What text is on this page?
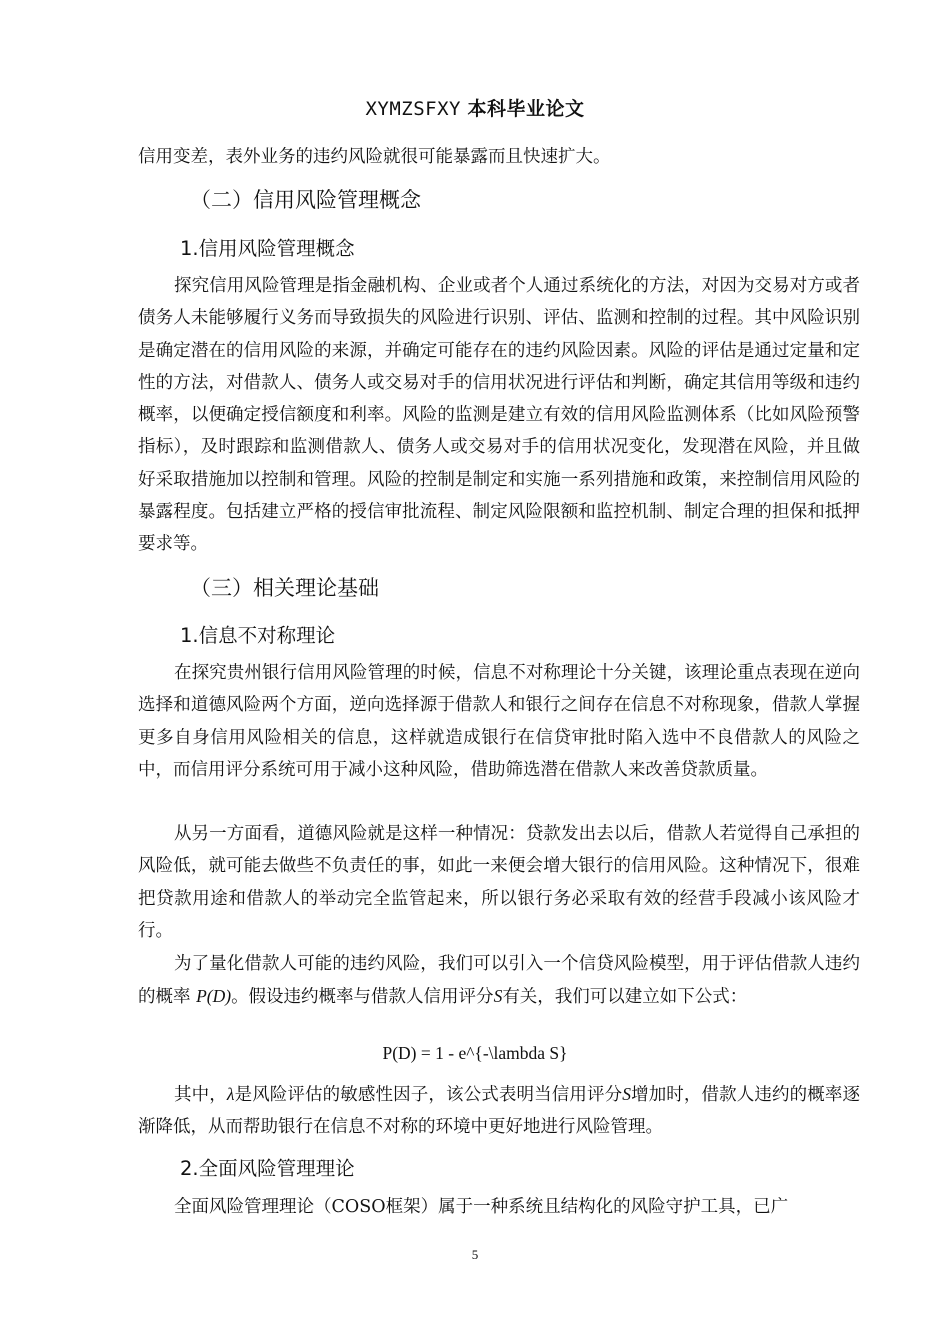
XYMZSFXY 本科毕业论文
信用变差，表外业务的违约风险就很可能暴露而且快速扩大。
（二）信用风险管理概念
1.信用风险管理概念
探究信用风险管理是指金融机构、企业或者个人通过系统化的方法，对因为交易对方或者债务人未能够履行义务而导致损失的风险进行识别、评估、监测和控制的过程。其中风险识别是确定潜在的信用风险的来源，并确定可能存在的违约风险因素。风险的评估是通过定量和定性的方法，对借款人、债务人或交易对手的信用状况进行评估和判断，确定其信用等级和违约概率，以便确定授信额度和利率。风险的监测是建立有效的信用风险监测体系（比如风险预警指标），及时跟踪和监测借款人、债务人或交易对手的信用状况变化，发现潜在风险，并且做好采取措施加以控制和管理。风险的控制是制定和实施一系列措施和政策，来控制信用风险的暴露程度。包括建立严格的授信审批流程、制定风险限额和监控机制、制定合理的担保和抵押要求等。
（三）相关理论基础
1.信息不对称理论
在探究贵州银行信用风险管理的时候，信息不对称理论十分关键，该理论重点表现在逆向选择和道德风险两个方面，逆向选择源于借款人和银行之间存在信息不对称现象，借款人掌握更多自身信用风险相关的信息，这样就造成银行在信贷审批时陷入选中不良借款人的风险之中，而信用评分系统可用于减小这种风险，借助筛选潜在借款人来改善贷款质量。
从另一方面看，道德风险就是这样一种情况：贷款发出去以后，借款人若觉得自己承担的风险低，就可能去做些不负责任的事，如此一来便会增大银行的信用风险。这种情况下，很难把贷款用途和借款人的举动完全监管起来，所以银行务必采取有效的经营手段减小该风险才行。
为了量化借款人可能的违约风险，我们可以引入一个信贷风险模型，用于评估借款人违约的概率 P(D)。假设违约概率与借款人信用评分S有关，我们可以建立如下公式：
P(D) = 1 - e^{-\lambda S}
其中，λ是风险评估的敏感性因子，该公式表明当信用评分S增加时，借款人违约的概率逐渐降低，从而帮助银行在信息不对称的环境中更好地进行风险管理。
2.全面风险管理理论
全面风险管理理论（COSO框架）属于一种系统且结构化的风险守护工具，已广
5
